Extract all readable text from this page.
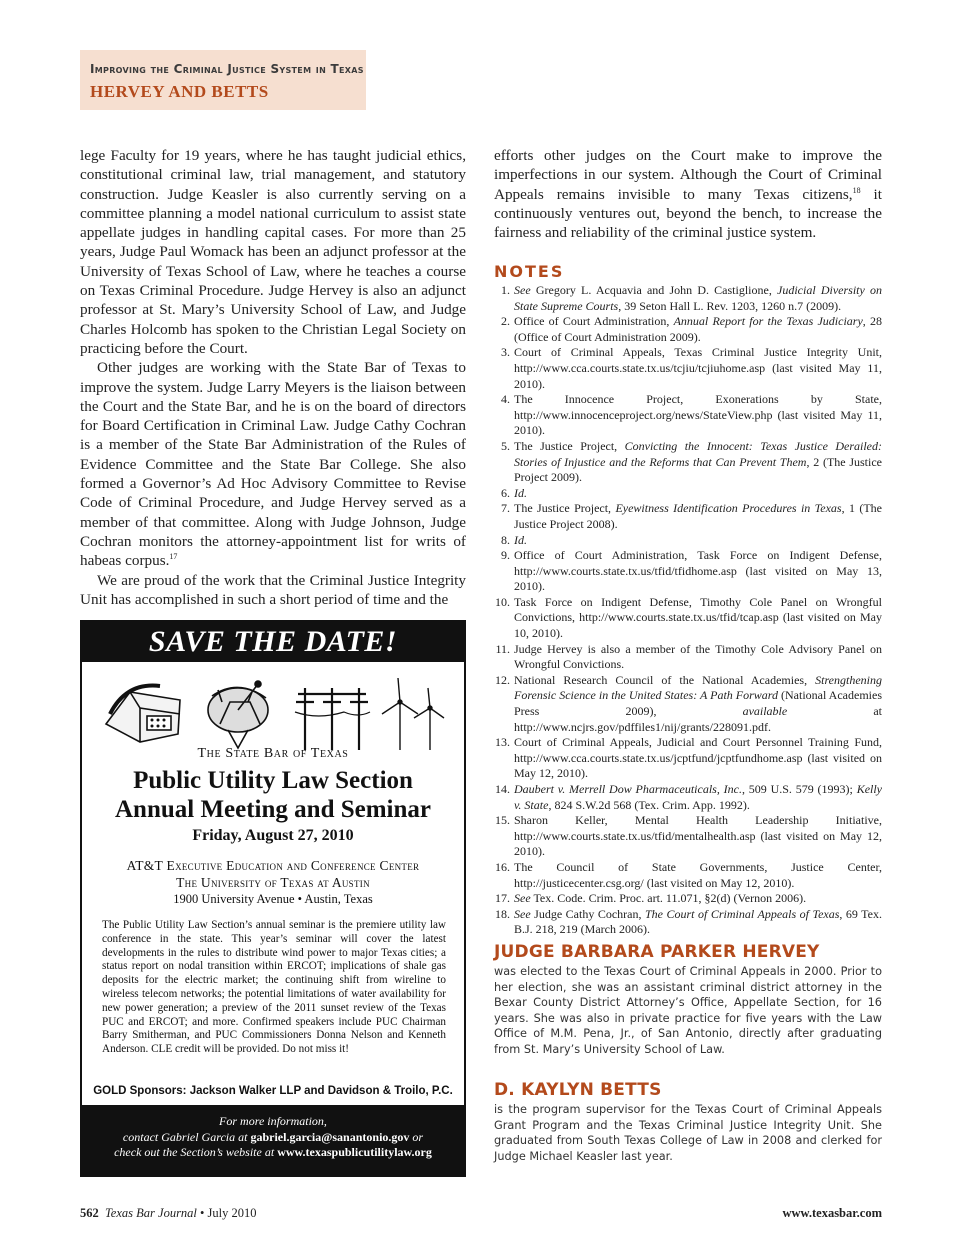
Improving the Criminal Justice System in Texas
HERVEY AND BETTS

lege Faculty for 19 years, where he has taught judicial ethics, constitutional criminal law, trial management, and statutory construction. Judge Keasler is also currently serving on a committee planning a model national curriculum to assist state appellate judges in handling capital cases. For more than 25 years, Judge Paul Womack has been an adjunct professor at the University of Texas School of Law, where he teaches a course on Texas Criminal Procedure. Judge Hervey is also an adjunct professor at St. Mary’s University School of Law, and Judge Charles Holcomb has spoken to the Christian Legal Society on practicing before the Court.

Other judges are working with the State Bar of Texas to improve the system. Judge Larry Meyers is the liaison between the Court and the State Bar, and he is on the board of directors for Board Certification in Criminal Law. Judge Cathy Cochran is a member of the State Bar Administration of the Rules of Evidence Committee and the State Bar College. She also formed a Governor’s Ad Hoc Advisory Committee to Revise Code of Criminal Procedure, and Judge Hervey served as a member of that committee. Along with Judge Johnson, Judge Cochran monitors the attorney-appointment list for writs of habeas corpus.$^{17}$

We are proud of the work that the Criminal Justice Integrity Unit has accomplished in such a short period of time and the

efforts other judges on the Court make to improve the imperfections in our system. Although the Court of Criminal Appeals remains invisible to many Texas citizens,$^{18}$ it continuously ventures out, beyond the bench, to increase the fairness and reliability of the criminal justice system.

NOTES
1. See Gregory L. Acquavia and John D. Castiglione, Judicial Diversity on State Supreme Courts, 39 Seton Hall L. Rev. 1203, 1260 n.7 (2009).
2. Office of Court Administration, Annual Report for the Texas Judiciary, 28 (Office of Court Administration 2009).
3. Court of Criminal Appeals, Texas Criminal Justice Integrity Unit, http://www.cca.courts.state.tx.us/tcjiu/tcjiuhome.asp (last visited May 11, 2010).
4. The Innocence Project, Exonerations by State, http://www.innocenceproject.org/news/StateView.php (last visited May 11, 2010).
5. The Justice Project, Convicting the Innocent: Texas Justice Derailed: Stories of Injustice and the Reforms that Can Prevent Them, 2 (The Justice Project 2009).
6. Id.
7. The Justice Project, Eyewitness Identification Procedures in Texas, 1 (The Justice Project 2008).
8. Id.
9. Office of Court Administration, Task Force on Indigent Defense, http://www.courts.state.tx.us/tfid/tfidhome.asp (last visited on May 13, 2010).
10. Task Force on Indigent Defense, Timothy Cole Panel on Wrongful Convictions, http://www.courts.state.tx.us/tfid/tcap.asp (last visited on May 10, 2010).
11. Judge Hervey is also a member of the Timothy Cole Advisory Panel on Wrongful Convictions.
12. National Research Council of the National Academies, Strengthening Forensic Science in the United States: A Path Forward (National Academies Press 2009), available at http://www.ncjrs.gov/pdffiles1/nij/grants/228091.pdf.
13. Court of Criminal Appeals, Judicial and Court Personnel Training Fund, http://www.cca.courts.state.tx.us/jcptfund/jcptfundhome.asp (last visited on May 12, 2010).
14. Daubert v. Merrell Dow Pharmaceuticals, Inc., 509 U.S. 579 (1993); Kelly v. State, 824 S.W.2d 568 (Tex. Crim. App. 1992).
15. Sharon Keller, Mental Health Leadership Initiative, http://www.courts.state.tx.us/tfid/mentalhealth.asp (last visited on May 12, 2010).
16. The Council of State Governments, Justice Center, http://justicecenter.csg.org/ (last visited on May 12, 2010).
17. See Tex. Code. Crim. Proc. art. 11.071, §2(d) (Vernon 2006).
18. See Judge Cathy Cochran, The Court of Criminal Appeals of Texas, 69 Tex. B.J. 218, 219 (March 2006).
JUDGE BARBARA PARKER HERVEY

was elected to the Texas Court of Criminal Appeals in 2000. Prior to her election, she was an assistant criminal district attorney in the Bexar County District Attorney’s Office, Appellate Section, for 16 years. She was also in private practice for five years with the Law Office of M.M. Pena, Jr., of San Antonio, directly after graduating from St. Mary’s University School of Law.

D. KAYLYN BETTS

is the program supervisor for the Texas Court of Criminal Appeals Grant Program and the Texas Criminal Justice Integrity Unit. She graduated from South Texas College of Law in 2008 and clerked for Judge Michael Keasler last year.

SAVE THE DATE!
The State Bar of Texas
Public Utility Law Section
Annual Meeting and Seminar
Friday, August 27, 2010
AT&T Executive Education and Conference Center
The University of Texas at Austin
1900 University Avenue • Austin, Texas
The Public Utility Law Section’s annual seminar is the premiere utility law conference in the state. This year’s seminar will cover the latest developments in the rules to distribute wind power to major Texas cities; a status report on nodal transition within ERCOT; implications of shale gas deposits for the electric market; the continuing shift from wireline to wireless telecom networks; the potential limitations of water availability for new power generation; a preview of the 2011 sunset review of the Texas PUC and ERCOT; and more. Confirmed speakers include PUC Chairman Barry Smitherman, and PUC Commissioners Donna Nelson and Kenneth Anderson. CLE credit will be provided. Do not miss it!
GOLD Sponsors: Jackson Walker LLP and Davidson & Troilo, P.C.
For more information,
contact Gabriel Garcia at gabriel.garcia@sanantonio.gov or
check out the Section’s website at www.texaspublicutilitylaw.org
562 Texas Bar Journal • July 2010	www.texasbar.com
